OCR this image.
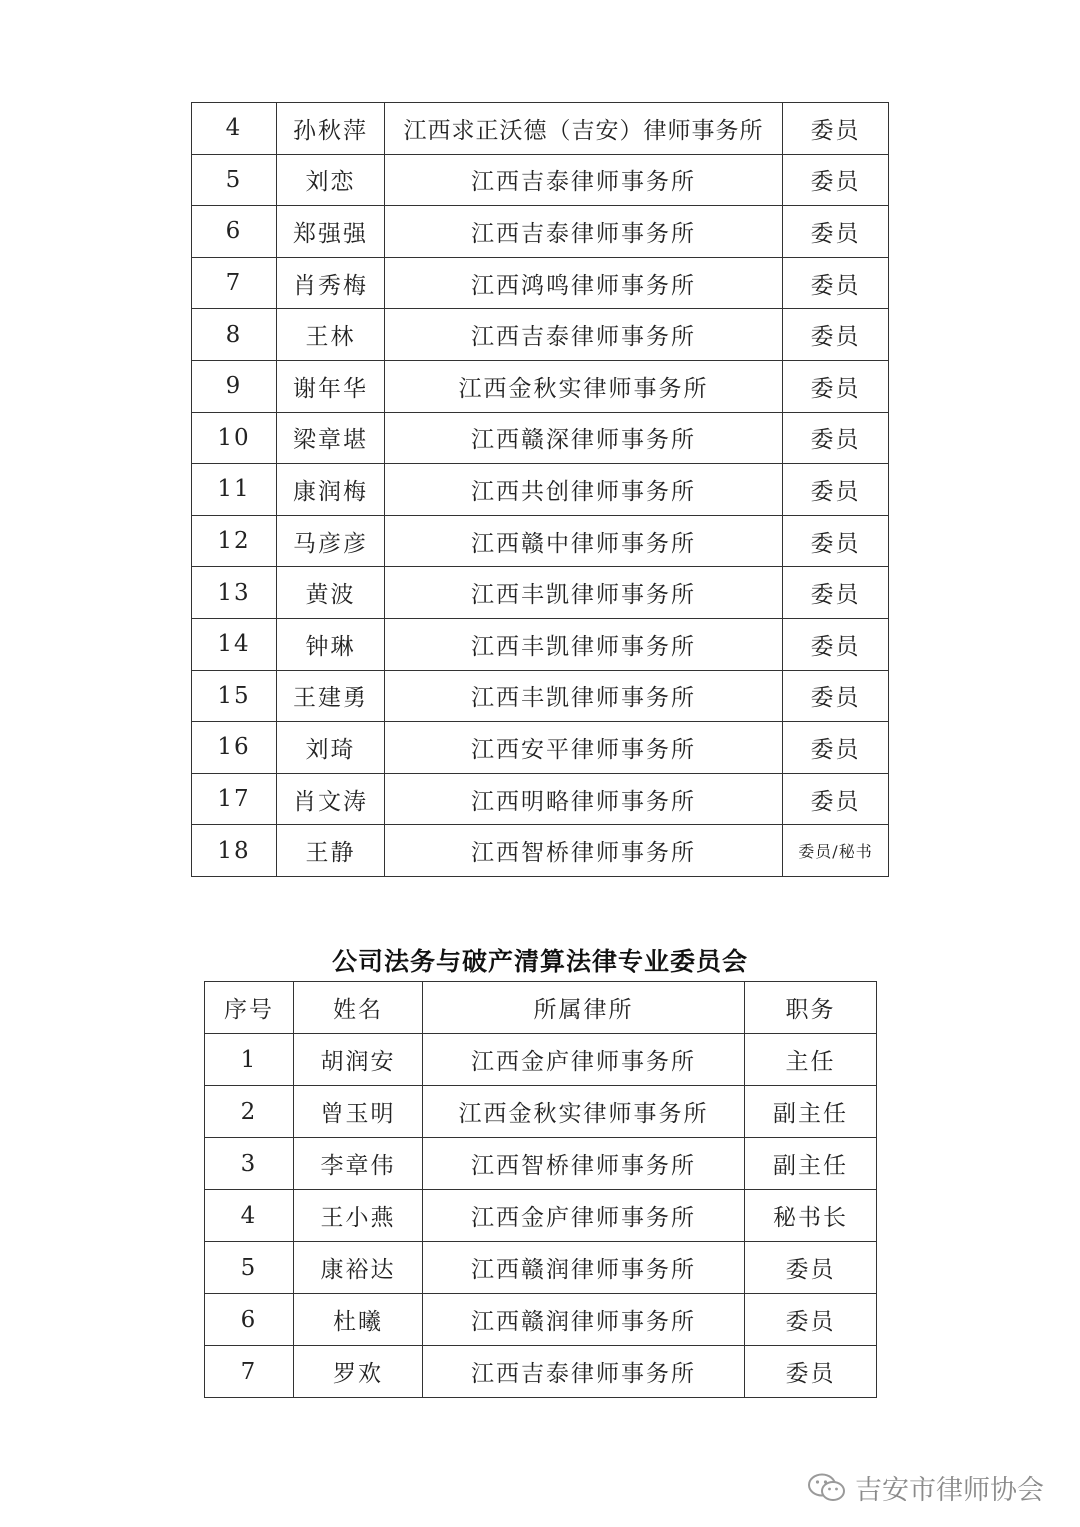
4	孙秋萍	江西求正沃德（吉安）律师事务所	委员
5	刘恋	江西吉泰律师事务所	委员
6	郑强强	江西吉泰律师事务所	委员
7	肖秀梅	江西鸿鸣律师事务所	委员
8	王林	江西吉泰律师事务所	委员
9	谢年华	江西金秋实律师事务所	委员
10	梁章堪	江西赣深律师事务所	委员
11	康润梅	江西共创律师事务所	委员
12	马彦彦	江西赣中律师事务所	委员
13	黄波	江西丰凯律师事务所	委员
14	钟琳	江西丰凯律师事务所	委员
15	王建勇	江西丰凯律师事务所	委员
16	刘琦	江西安平律师事务所	委员
17	肖文涛	江西明略律师事务所	委员
18	王静	江西智桥律师事务所	委员/秘书
公司法务与破产清算法律专业委员会
序号	姓名	所属律所	职务
1	胡润安	江西金庐律师事务所	主任
2	曾玉明	江西金秋实律师事务所	副主任
3	李章伟	江西智桥律师事务所	副主任
4	王小燕	江西金庐律师事务所	秘书长
5	康裕达	江西赣润律师事务所	委员
6	杜曦	江西赣润律师事务所	委员
7	罗欢	江西吉泰律师事务所	委员
吉安市律师协会
